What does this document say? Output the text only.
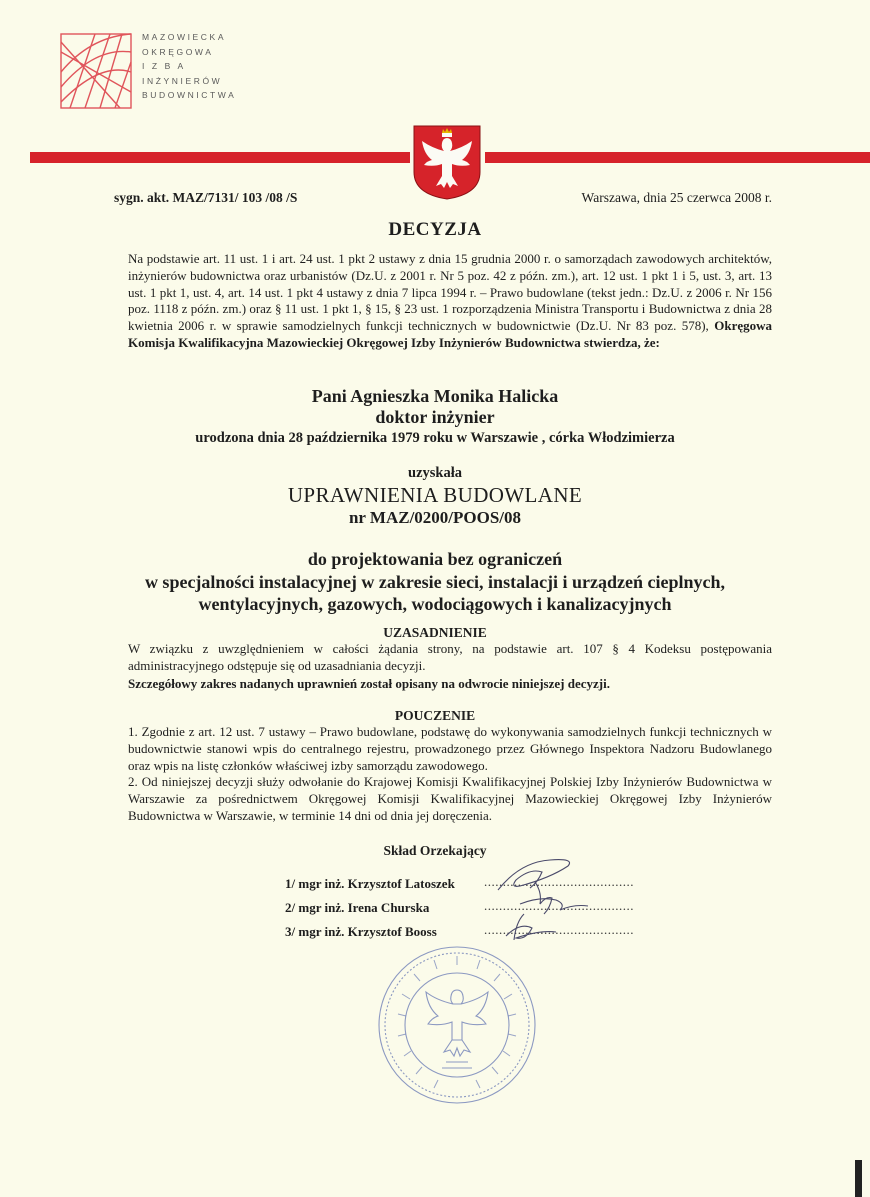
MAZOWIECKA
OKRĘGOWA
I Z B A
INŻYNIERÓW
BUDOWNICTWA
sygn. akt. MAZ/7131/ 103 /08 /S	Warszawa, dnia 25 czerwca 2008 r.
DECYZJA
Na podstawie art. 11 ust. 1 i art. 24 ust. 1 pkt 2 ustawy z dnia 15 grudnia 2000 r. o samorządach zawodowych architektów, inżynierów budownictwa oraz urbanistów (Dz.U. z 2001 r. Nr 5 poz. 42 z późn. zm.), art. 12 ust. 1 pkt 1 i 5, ust. 3, art. 13 ust. 1 pkt 1, ust. 4, art. 14 ust. 1 pkt 4 ustawy z dnia 7 lipca 1994 r. – Prawo budowlane (tekst jedn.: Dz.U. z 2006 r. Nr 156 poz. 1118 z późn. zm.) oraz § 11 ust. 1 pkt 1, § 15, § 23 ust. 1 rozporządzenia Ministra Transportu i Budownictwa z dnia 28 kwietnia 2006 r. w sprawie samodzielnych funkcji technicznych w budownictwie (Dz.U. Nr 83 poz. 578), Okręgowa Komisja Kwalifikacyjna Mazowieckiej Okręgowej Izby Inżynierów Budownictwa stwierdza, że:
Pani Agnieszka Monika Halicka
doktor inżynier
urodzona dnia 28 października 1979 roku w Warszawie , córka Włodzimierza
uzyskała
UPRAWNIENIA BUDOWLANE
nr MAZ/0200/POOS/08
do projektowania bez ograniczeń
w specjalności instalacyjnej w zakresie sieci, instalacji i urządzeń cieplnych,
wentylacyjnych, gazowych, wodociągowych i kanalizacyjnych
UZASADNIENIE
W związku z uwzględnieniem w całości żądania strony, na podstawie art. 107 § 4 Kodeksu postępowania administracyjnego odstępuje się od uzasadniania decyzji.
Szczegółowy zakres nadanych uprawnień został opisany na odwrocie niniejszej decyzji.
POUCZENIE
1. Zgodnie z art. 12 ust. 7 ustawy – Prawo budowlane, podstawę do wykonywania samodzielnych funkcji technicznych w budownictwie stanowi wpis do centralnego rejestru, prowadzonego przez Głównego Inspektora Nadzoru Budowlanego oraz wpis na listę członków właściwej izby samorządu zawodowego.
2. Od niniejszej decyzji służy odwołanie do Krajowej Komisji Kwalifikacyjnej Polskiej Izby Inżynierów Budownictwa w Warszawie za pośrednictwem Okręgowej Komisji Kwalifikacyjnej Mazowieckiej Okręgowej Izby Inżynierów Budownictwa w Warszawie, w terminie 14 dni od dnia jej doręczenia.
Skład Orzekający
1/ mgr inż. Krzysztof Latoszek ........................................
2/ mgr inż. Irena Churska	........................................
3/ mgr inż. Krzysztof Booss	........................................
